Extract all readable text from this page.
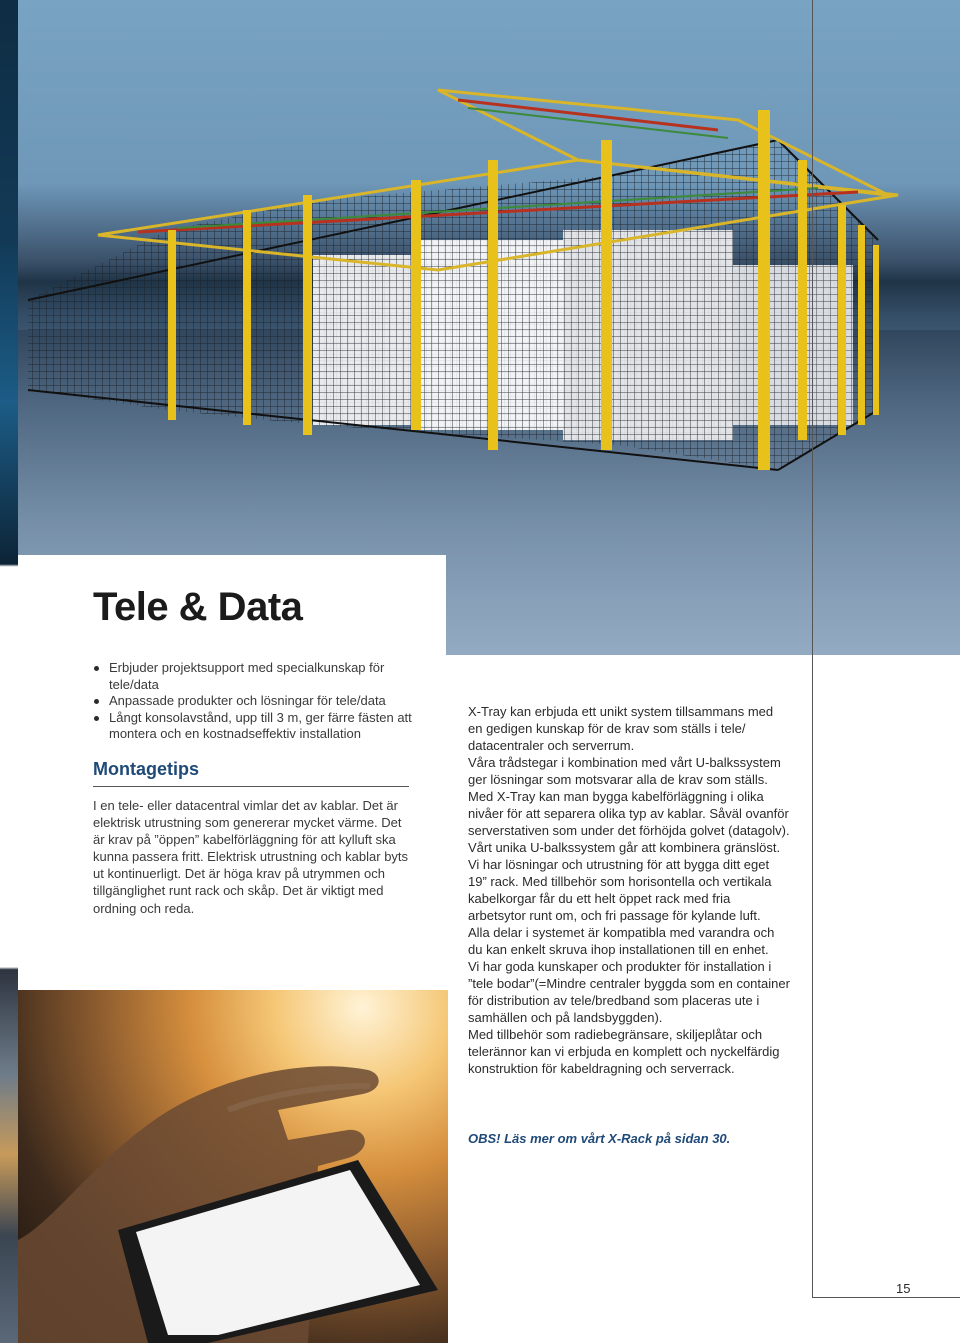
Tele & Data
Erbjuder projektsupport med specialkunskap för tele/data
Anpassade produkter och lösningar för tele/data
Långt konsolavstånd, upp till 3 m, ger färre fästen att montera och en kostnadseffektiv installation
Montagetips

I en tele- eller datacentral vimlar det av kablar. Det är elektrisk utrustning som genererar mycket värme. Det är krav på ”öppen” kabelförläggning för att kylluft ska kunna passera fritt. Elektrisk utrustning och kablar byts ut kontinuerligt. Det är höga krav på utrymmen och tillgänglighet runt rack och skåp. Det är viktigt med ordning och reda.

X-Tray kan erbjuda ett unikt system tillsammans med en gedigen kunskap för de krav som ställs i tele/ datacentraler och serverrum.
Våra trådstegar i kombination med vårt U-balkssystem ger lösningar som motsvarar alla de krav som ställs.
Med X-Tray kan man bygga kabelförläggning i olika nivåer för att separera olika typ av kablar. Såväl ovanför serverstativen som under det förhöjda golvet (datagolv).
Vårt unika U-balkssystem går att kombinera gränslöst.
Vi har lösningar och utrustning för att bygga ditt eget 19” rack. Med tillbehör som horisontella och vertikala kabelkorgar får du ett helt öppet rack med fria arbetsytor runt om, och fri passage för kylande luft.
Alla delar i systemet är kompatibla med varandra och du kan enkelt skruva ihop installationen till en enhet.
Vi har goda kunskaper och produkter för installation i ”tele bodar”(=Mindre centraler byggda som en container för distribution av tele/bredband som placeras ute i samhällen och på landsbyggden).
Med tillbehör som radiebegränsare, skiljeplåtar och telerännor kan vi erbjuda en komplett och nyckelfärdig konstruktion för kabeldragning och serverrack.

OBS! Läs mer om vårt X-Rack på sidan 30.

15
